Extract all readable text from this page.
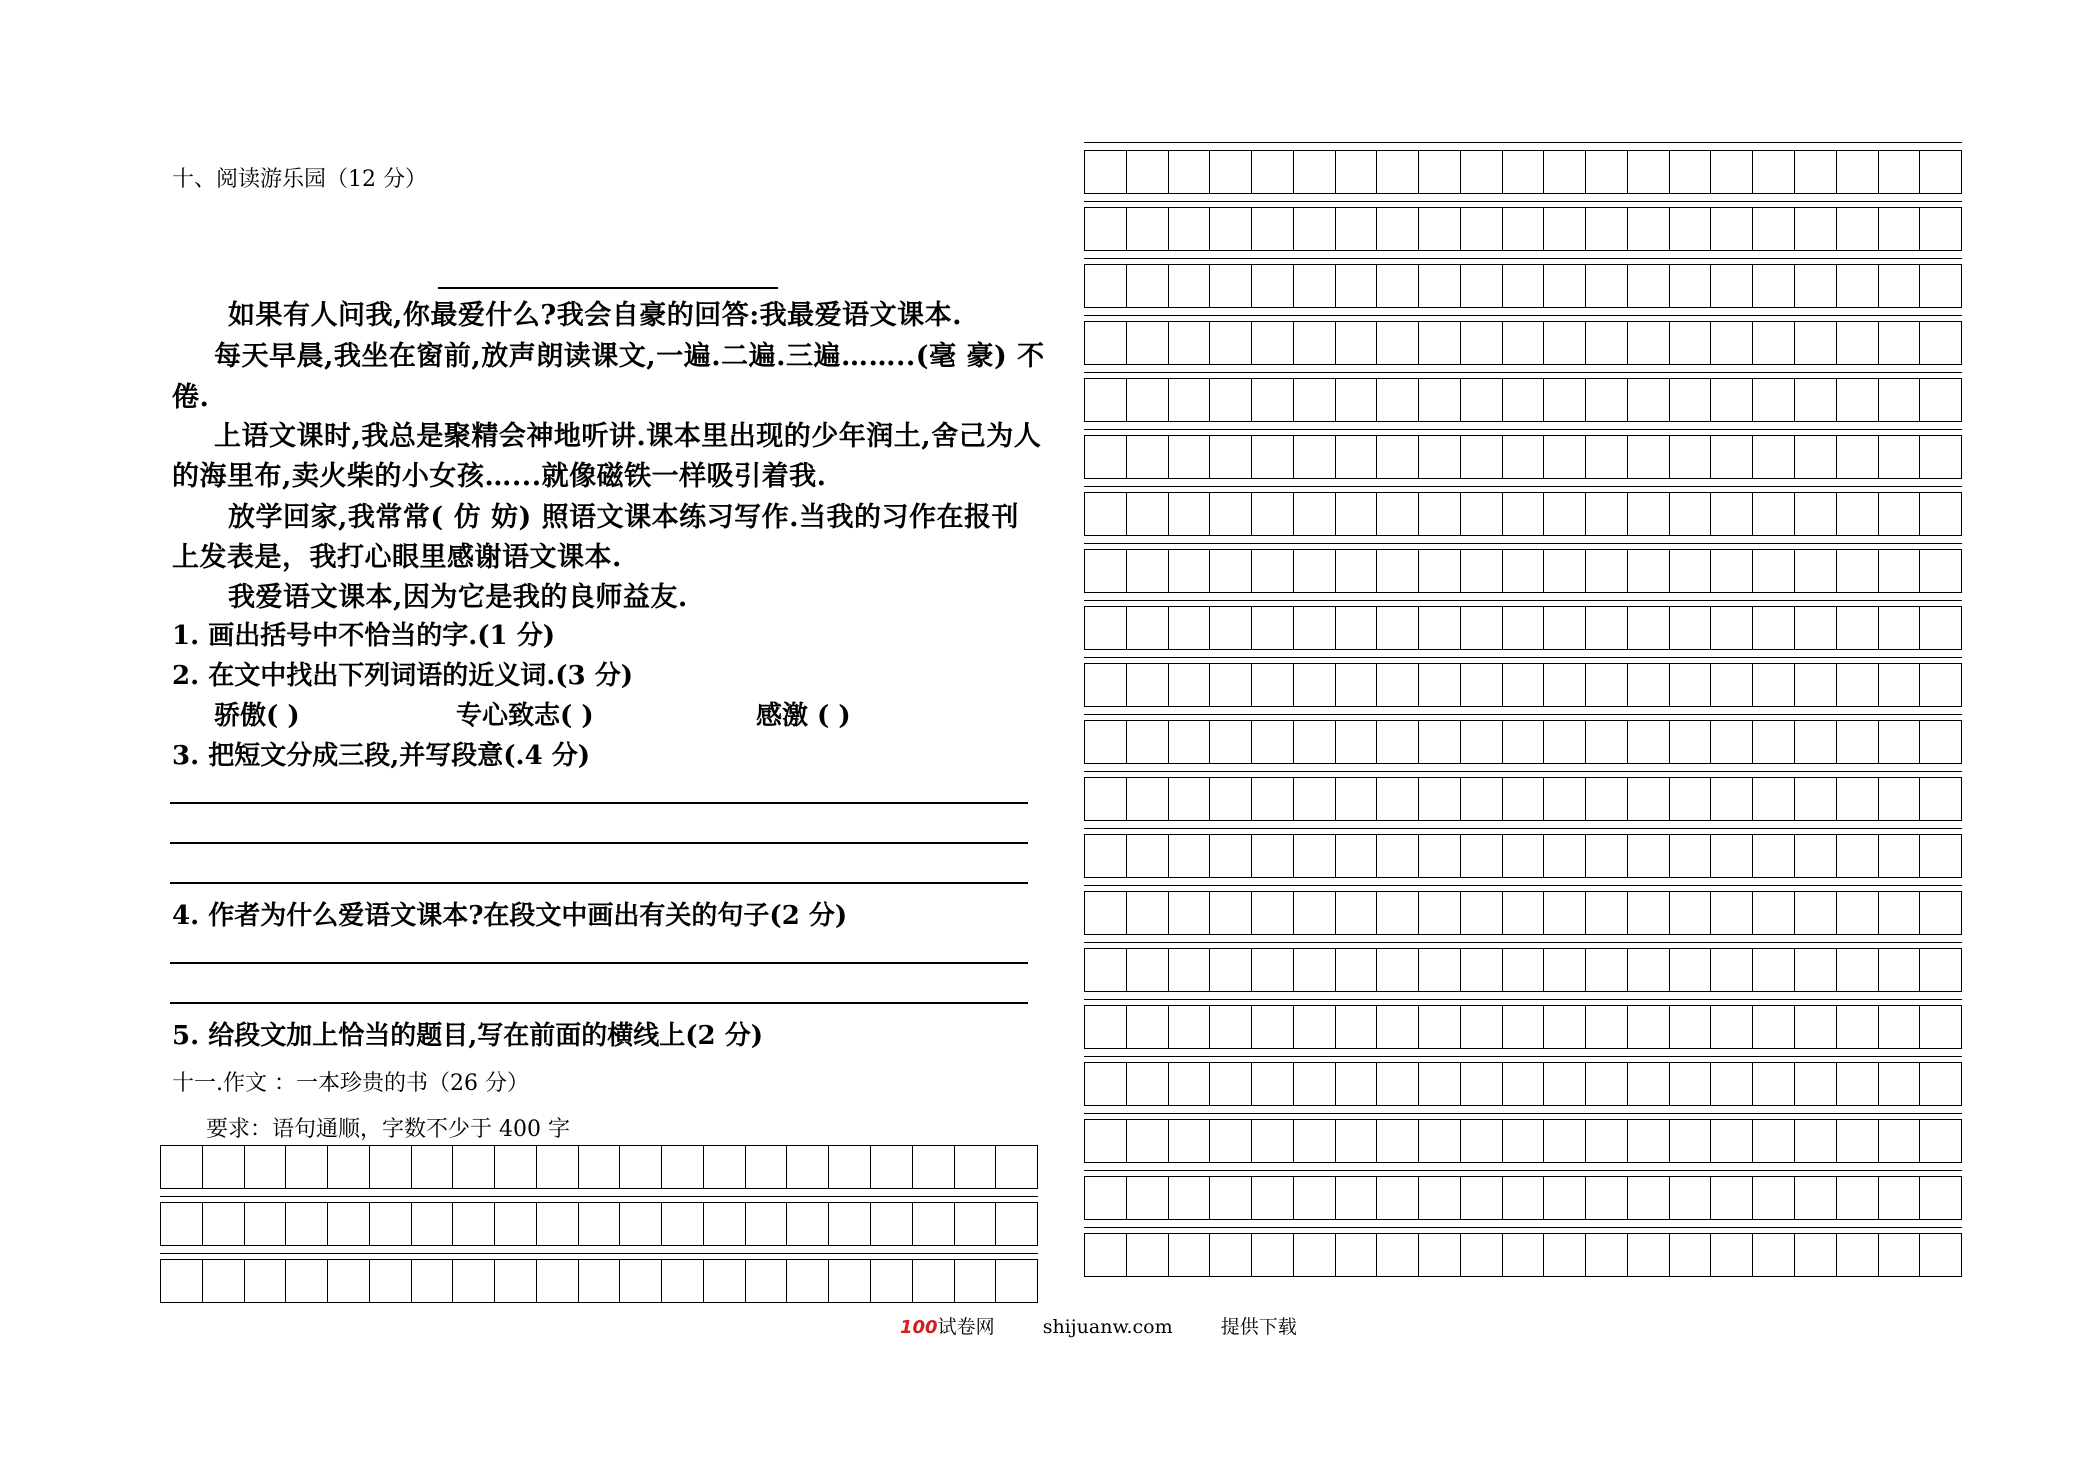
十、阅读游乐园（12 分）
如果有人问我,你最爱什么?我会自豪的回答:我最爱语文课本.
每天早晨,我坐在窗前,放声朗读课文,一遍.二遍.三遍……..(毫 豪) 不
倦.
上语文课时,我总是聚精会神地听讲.课本里出现的少年润土,舍己为人
的海里布,卖火柴的小女孩…...就像磁铁一样吸引着我.
放学回家,我常常( 仿 妨) 照语文课本练习写作.当我的习作在报刊
上发表是，我打心眼里感谢语文课本.
我爱语文课本,因为它是我的良师益友.
1. 画出括号中不恰当的字.(1 分)
2. 在文中找出下列词语的近义词.(3 分)
骄傲( )	专心致志( )	感激 ( )
3. 把短文分成三段,并写段意(.4 分)
4. 作者为什么爱语文课本?在段文中画出有关的句子(2 分)
5. 给段文加上恰当的题目,写在前面的横线上(2 分)
十一.作文 ：一本珍贵的书（26 分）
要求：语句通顺，字数不少于 400 字
100试卷网	shijuanw.com	提供下载
